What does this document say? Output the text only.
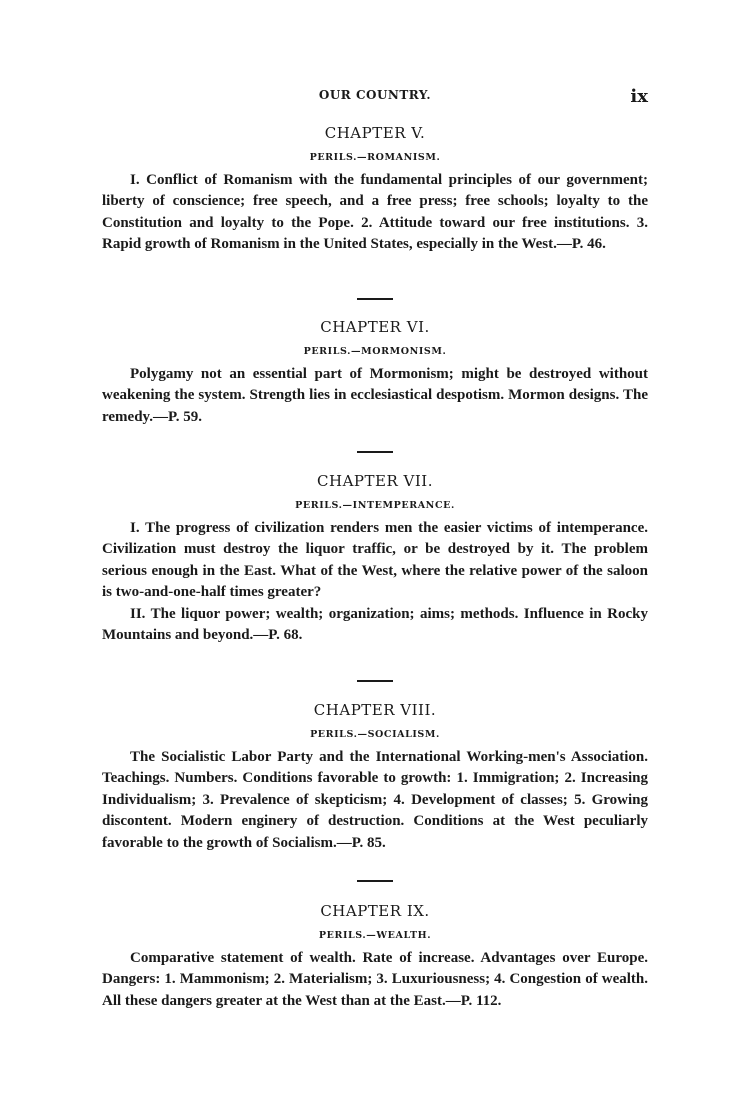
OUR COUNTRY.	ix
CHAPTER V.
PERILS.—ROMANISM.

I. Conflict of Romanism with the fundamental principles of our government; liberty of conscience; free speech, and a free press; free schools; loyalty to the Constitution and loyalty to the Pope. 2. Attitude toward our free institutions. 3. Rapid growth of Romanism in the United States, especially in the West.—P. 46.

CHAPTER VI.
PERILS.—MORMONISM.

Polygamy not an essential part of Mormonism; might be destroyed without weakening the system. Strength lies in ecclesiastical despotism. Mormon designs. The remedy.—P. 59.

CHAPTER VII.
PERILS.—INTEMPERANCE.

I. The progress of civilization renders men the easier victims of intemperance. Civilization must destroy the liquor traffic, or be destroyed by it. The problem serious enough in the East. What of the West, where the relative power of the saloon is two-and-one-half times greater?

II. The liquor power; wealth; organization; aims; methods. Influence in Rocky Mountains and beyond.—P. 68.

CHAPTER VIII.
PERILS.—SOCIALISM.

The Socialistic Labor Party and the International Working-men's Association. Teachings. Numbers. Conditions favorable to growth: 1. Immigration; 2. Increasing Individualism; 3. Prevalence of skepticism; 4. Development of classes; 5. Growing discontent. Modern enginery of destruction. Conditions at the West peculiarly favorable to the growth of Socialism.—P. 85.

CHAPTER IX.
PERILS.—WEALTH.

Comparative statement of wealth. Rate of increase. Advantages over Europe. Dangers: 1. Mammonism; 2. Materialism; 3. Luxuriousness; 4. Congestion of wealth. All these dangers greater at the West than at the East.—P. 112.
